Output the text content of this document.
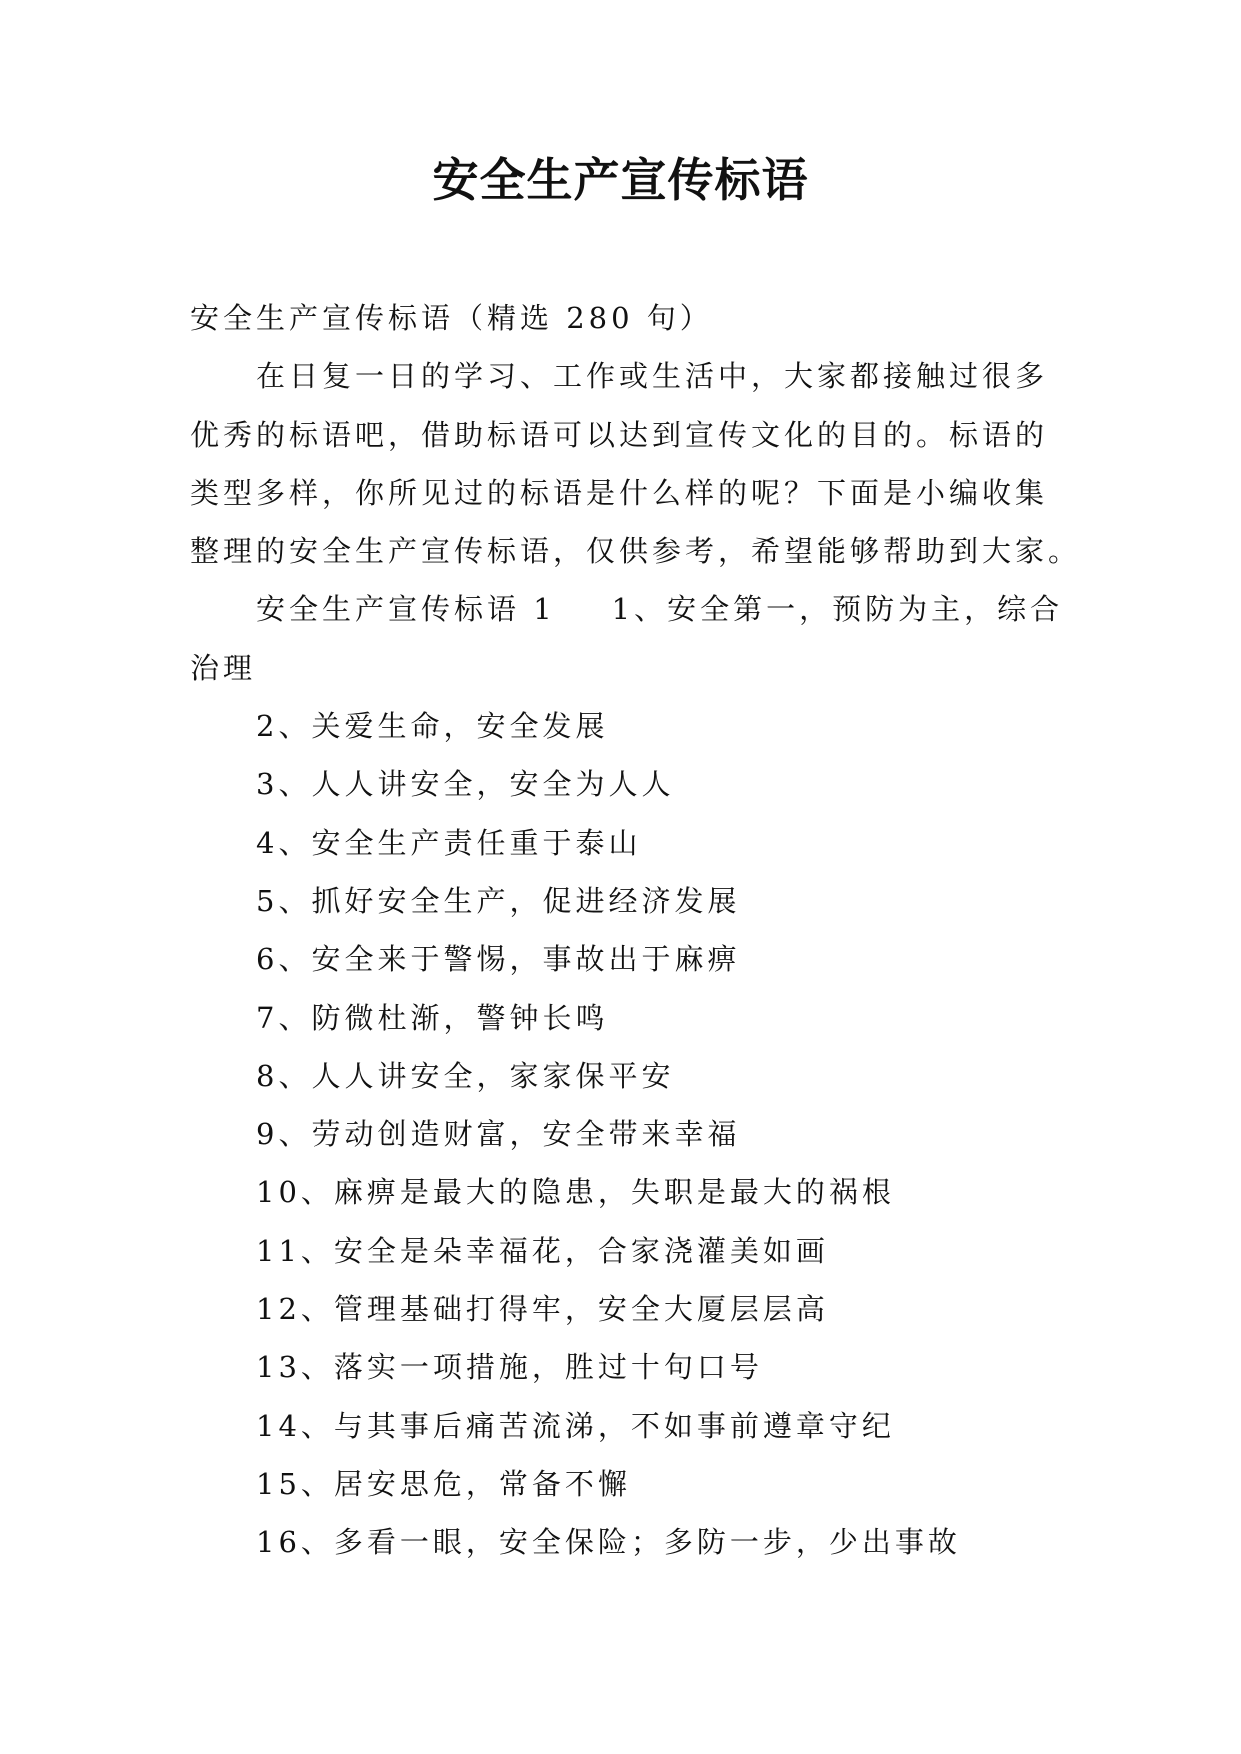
安全生产宣传标语
安全生产宣传标语（精选 280 句）
在日复一日的学习、工作或生活中，大家都接触过很多
优秀的标语吧，借助标语可以达到宣传文化的目的。标语的
类型多样，你所见过的标语是什么样的呢？下面是小编收集
整理的安全生产宣传标语，仅供参考，希望能够帮助到大家。
安全生产宣传标语 1 1、安全第一，预防为主，综合
治理
2、关爱生命，安全发展
3、人人讲安全，安全为人人
4、安全生产责任重于泰山
5、抓好安全生产，促进经济发展
6、安全来于警惕，事故出于麻痹
7、防微杜渐，警钟长鸣
8、人人讲安全，家家保平安
9、劳动创造财富，安全带来幸福
10、麻痹是最大的隐患，失职是最大的祸根
11、安全是朵幸福花，合家浇灌美如画
12、管理基础打得牢，安全大厦层层高
13、落实一项措施，胜过十句口号
14、与其事后痛苦流涕，不如事前遵章守纪
15、居安思危，常备不懈
16、多看一眼，安全保险；多防一步，少出事故
